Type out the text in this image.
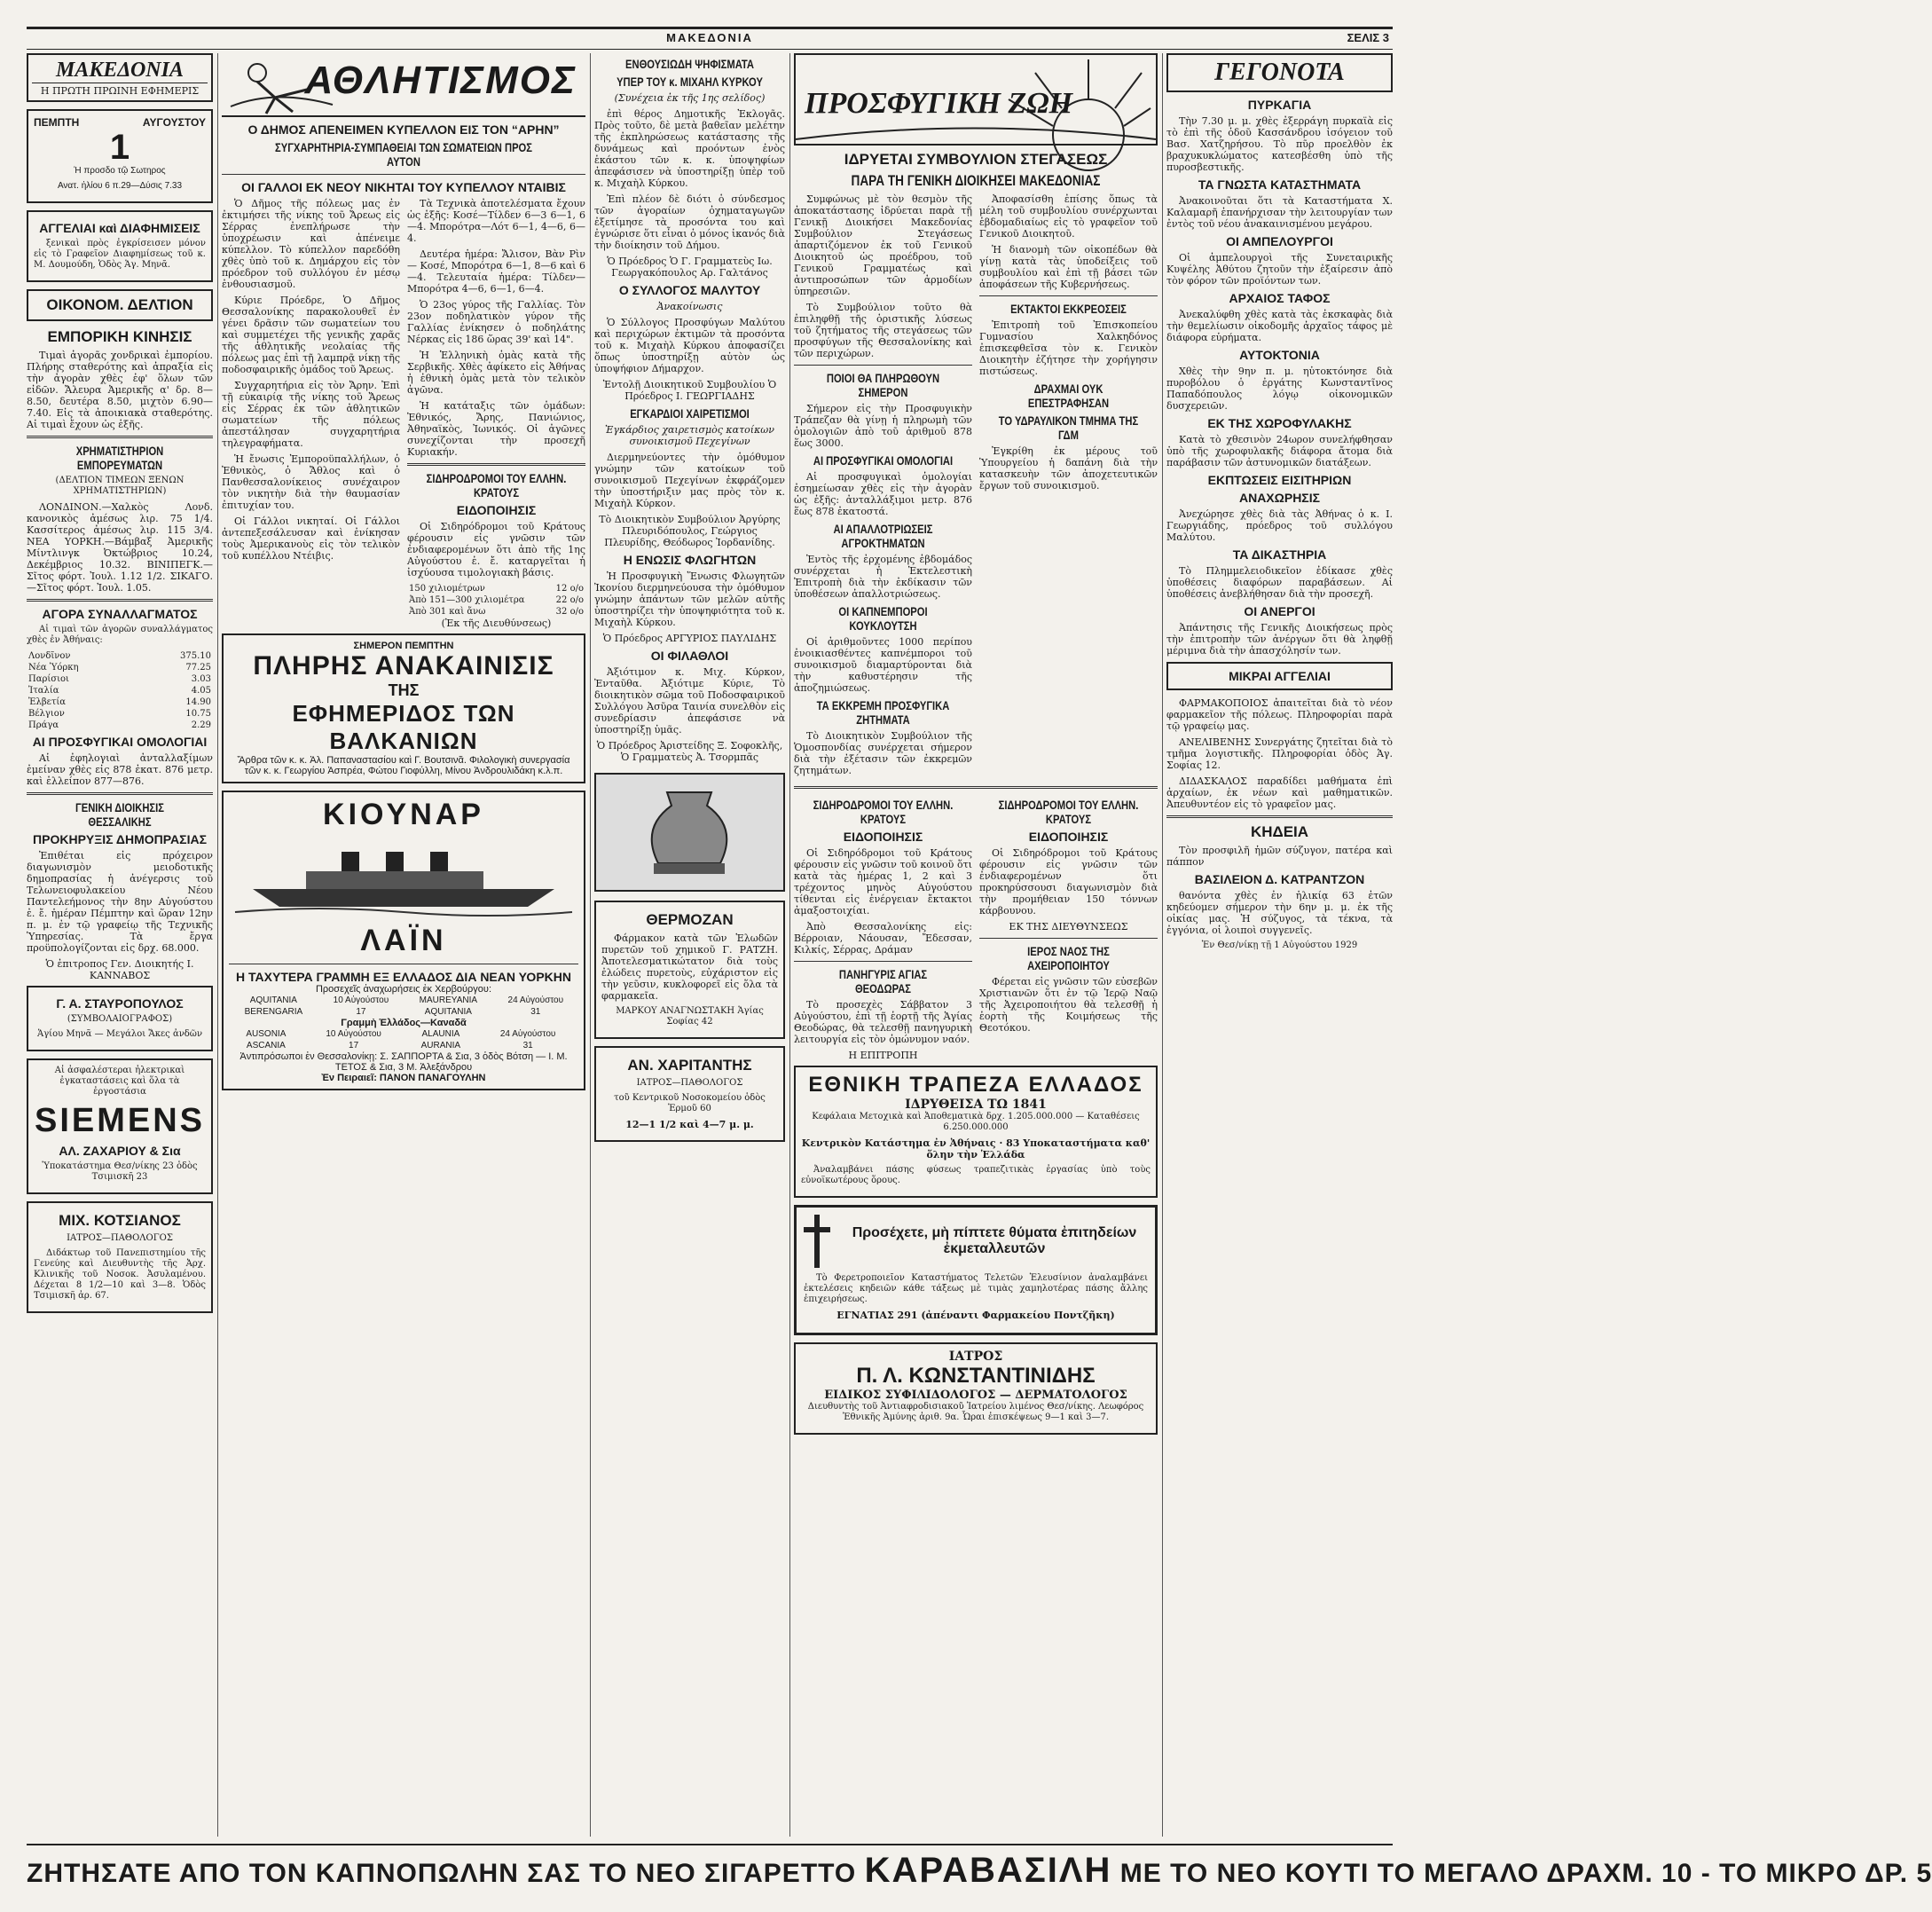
ΜΑΚΕΔΟΝΙΑ	ΣΕΛΙΣ 3
ΜΑΚΕΔΟΝΙΑ
Η ΠΡΩΤΗ ΠΡΩΙΝΗ ΕΦΗΜΕΡΙΣ
ΠΕΜΠΤΗ	ΑΥΓΟΥΣΤΟΥ
1

Ἡ προσδο τῷ Σωτηρος

Ανατ. ἡλίου 6 π.29—Δύσις 7.33

ΑΓΓΕΛΙΑΙ καὶ ΔΙΑΦΗΜΙΣΕΙΣ

ξενικαὶ πρὸς ἐγκρίσεισεν μόνον εἰς τὸ Γραφεῖον Διαφημίσεως τοῦ κ. Μ. Δουμούδη, Ὁδὸς Ἁγ. Μηνᾶ.

ΟΙΚΟΝΟΜ. ΔΕΛΤΙΟΝ
ΕΜΠΟΡΙΚΗ ΚΙΝΗΣΙΣ

Τιμαὶ ἀγορᾶς χονδρικαὶ ἐμπορίου. Πλήρης σταθερότης καὶ ἀπραξία εἰς τὴν ἀγορὰν χθὲς ἐφ' ὅλων τῶν εἰδῶν. Ἄλευρα Ἀμερικῆς α' δρ. 8—8.50, δευτέρα 8.50, μιχτὸν 6.90—7.40. Εἰς τὰ ἀποικιακὰ σταθερότης. Αἱ τιμαὶ ἔχουν ὡς ἑξῆς.

ΧΡΗΜΑΤΙΣΤΗΡΙΟΝ ΕΜΠΟΡΕΥΜΑΤΩΝ

(ΔΕΛΤΙΟΝ ΤΙΜΕΩΝ ΞΕΝΩΝ ΧΡΗΜΑΤΙΣΤΗΡΙΩΝ)

ΛΟΝΔΙΝΟΝ.—Χαλκὸς Λονδ. κανονικὸς ἀμέσως λιρ. 75 1/4. Κασσίτερος ἀμέσως λιρ. 115 3/4. ΝΕΑ ΥΟΡΚΗ.—Βάμβαξ Ἀμερικῆς Μίντλινγκ Ὀκτώβριος 10.24, Δεκέμβριος 10.32. ΒΙΝΙΠΕΓΚ.—Σῖτος φόρτ. Ἰουλ. 1.12 1/2. ΣΙΚΑΓΟ.—Σῖτος φόρτ. Ἰουλ. 1.05.

ΑΓΟΡΑ ΣΥΝΑΛΛΑΓΜΑΤΟΣ

Αἱ τιμαὶ τῶν ἀγορῶν συναλλάγματος χθὲς ἐν Ἀθήναις:

Λονδῖνον	375.10
Νέα Ὑόρκη	77.25
Παρίσιοι	3.03
Ἰταλία	4.05
Ἐλβετία	14.90
Βέλγιον	10.75
Πράγα	2.29
ΑΙ ΠΡΟΣΦΥΓΙΚΑΙ ΟΜΟΛΟΓΙΑΙ

Αἱ ἐφηλογιαὶ ἀνταλλαξίμων ἐμείναν χθὲς εἰς 878 ἐκατ. 876 μετρ. καὶ ἑλλείπον 877—876.

ΓΕΝΙΚΗ ΔΙΟΙΚΗΣΙΣ ΘΕΣΣΑΛΙΚΗΣ
ΠΡΟΚΗΡΥΞΙΣ ΔΗΜΟΠΡΑΣΙΑΣ

Ἐπιθέται εἰς πρόχειρον διαγωνισμὸν μειοδοτικῆς δημοπρασίας ἡ ἀνέγερσις τοῦ Τελωνειοφυλακείου Νέου Παντελεήμονος τὴν 8ην Αὐγούστου ἐ. ἔ. ἡμέραν Πέμπτην καὶ ὥραν 12ην π. μ. ἐν τῷ γραφείῳ τῆς Τεχνικῆς Ὑπηρεσίας. Τὰ ἔργα προϋπολογίζονται εἰς δρχ. 68.000.

Ὁ ἐπιτροπος Γεν. Διοικητής Ι. ΚΑΝΝΑΒΟΣ

Γ. Α. ΣΤΑΥΡΟΠΟΥΛΟΣ

(ΣΥΜΒΟΛΑΙΟΓΡΑΦΟΣ)

Ἁγίου Μηνᾶ — Μεγάλοι Ἄκες ἀνδῶν

Αἱ ἀσφαλέστεραι ἠλεκτρικαὶ ἐγκαταστάσεις καὶ ὅλα τὰ ἐργοστάσια

SIEMENS
ΑΛ. ΖΑΧΑΡΙΟΥ & Σια

Ὑποκατάστημα Θεσ/νίκης 23 ὁδὸς Τσιμισκῆ 23

ΜΙΧ. ΚΟΤΣΙΑΝΟΣ

ΙΑΤΡΟΣ—ΠΑΘΟΛΟΓΟΣ

Διδάκτωρ τοῦ Πανεπιστημίου τῆς Γενεύης καὶ Διευθυντὴς τῆς Ἀρχ. Κλινικῆς τοῦ Νοσοκ. Ἀσυλαμένου. Δέχεται 8 1/2—10 καὶ 3—8. Ὁδὸς Τσιμισκῆ ἀρ. 67.

ΑΘΛΗΤΙΣΜΟΣ
Ο ΔΗΜΟΣ ΑΠΕΝΕΙΜΕΝ ΚΥΠΕΛΛΟΝ ΕΙΣ ΤΟΝ “ΑΡΗΝ”
ΣΥΓΧΑΡΗΤΗΡΙΑ-ΣΥΜΠΑΘΕΙΑΙ ΤΩΝ ΣΩΜΑΤΕΙΩΝ ΠΡΟΣ ΑΥΤΟΝ
ΟΙ ΓΑΛΛΟΙ ΕΚ ΝΕΟΥ ΝΙΚΗΤΑΙ ΤΟΥ ΚΥΠΕΛΛΟΥ ΝΤΑΙΒΙΣ

Ὁ Δῆμος τῆς πόλεως μας ἐν ἐκτιμήσει τῆς νίκης τοῦ Ἄρεως εἰς Σέρρας ἐνεπλήρωσε τὴν ὑποχρέωσιν καὶ ἀπένειμε κύπελλον. Τὸ κύπελλον παρεδόθη χθὲς ὑπὸ τοῦ κ. Δημάρχου εἰς τὸν πρόεδρον τοῦ συλλόγου ἐν μέσῳ ἐνθουσιασμοῦ.

Κύριε Πρόεδρε, Ὁ Δῆμος Θεσσαλονίκης παρακολουθεῖ ἐν γένει δρᾶσιν τῶν σωματείων του καὶ συμμετέχει τῆς γενικῆς χαρᾶς τῆς ἀθλητικῆς νεολαίας τῆς πόλεως μας ἐπὶ τῇ λαμπρᾷ νίκῃ τῆς ποδοσφαιρικῆς ὁμάδος τοῦ Ἄρεως.

Συγχαρητήρια εἰς τὸν Ἄρην. Ἐπὶ τῇ εὐκαιρίᾳ τῆς νίκης τοῦ Ἄρεως εἰς Σέρρας ἐκ τῶν ἀθλητικῶν σωματείων τῆς πόλεως ἀπεστάλησαν συγχαρητήρια τηλεγραφήματα.

Ἡ ἔνωσις Ἐμποροϋπαλλήλων, ὁ Ἐθνικὸς, ὁ Ἄθλος καὶ ὁ Πανθεσσαλονίκειος συνέχαιρον τὸν νικητὴν διὰ τὴν θαυμασίαν ἐπιτυχίαν του.

Οἱ Γάλλοι νικηταί. Οἱ Γάλλοι ἀντεπεξεσάλευσαν καὶ ἐνίκησαν τοὺς Ἀμερικανοὺς εἰς τὸν τελικὸν τοῦ κυπέλλου Ντέιβις.

Τὰ Τεχνικὰ ἀποτελέσματα ἔχουν ὡς ἑξῆς: Κοσέ—Τίλδεν 6—3 6—1, 6—4. Μπορότρα—Λότ 6—1, 4—6, 6—4.

Δευτέρα ἡμέρα: Ἄλισον, Βὰν Ρὶν — Κοσέ, Μπορότρα 6—1, 8—6 καὶ 6—4. Τελευταία ἡμέρα: Τίλδεν—Μπορότρα 4—6, 6—1, 6—4.

Ὁ 23ος γύρος τῆς Γαλλίας. Τὸν 23ον ποδηλατικὸν γύρον τῆς Γαλλίας ἐνίκησεν ὁ ποδηλάτης Νέρκας εἰς 186 ὥρας 39' καὶ 14".

Ἡ Ἑλληνικὴ ὁμὰς κατὰ τῆς Σερβικῆς. Χθὲς ἀφίκετο εἰς Ἀθήνας ἡ ἐθνικὴ ὁμὰς μετὰ τὸν τελικὸν ἀγῶνα.

Ἡ κατάταξις τῶν ὁμάδων: Ἐθνικός, Ἄρης, Πανιώνιος, Ἀθηναϊκὸς, Ἰωνικός. Οἱ ἀγῶνες συνεχίζονται τὴν προσεχῆ Κυριακήν.

ΣΙΔΗΡΟΔΡΟΜΟΙ ΤΟΥ ΕΛΛΗΝ. ΚΡΑΤΟΥΣ
ΕΙΔΟΠΟΙΗΣΙΣ

Οἱ Σιδηρόδρομοι τοῦ Κράτους φέρουσιν εἰς γνῶσιν τῶν ἐνδιαφερομένων ὅτι ἀπὸ τῆς 1ης Αὐγούστου ἐ. ἔ. καταργεῖται ἡ ἰσχύουσα τιμολογιακὴ βάσις.

150 χιλιομέτρων	12 ο/ο
Ἀπὸ 151—300 χιλιομέτρα	22 ο/ο
Ἀπὸ 301 καὶ ἄνω	32 ο/ο

(Ἐκ τῆς Διευθύνσεως)

ΣΗΜΕΡΟΝ ΠΕΜΠΤΗΝ
ΠΛΗΡΗΣ ΑΝΑΚΑΙΝΙΣΙΣ
ΤΗΣ
ΕΦΗΜΕΡΙΔΟΣ ΤΩΝ ΒΑΛΚΑΝΙΩΝ
Ἄρθρα τῶν κ. κ. Ἀλ. Παπαναστασίου καὶ Γ. Βουτσινᾶ. Φιλολογικὴ συνεργασία τῶν κ. κ. Γεωργίου Ἀσπρέα, Φώτου Γιοφύλλη, Μίνου Ἀνδρουλιδάκη κ.λ.π.
ΚΙΟΥΝΑΡ
ΛΑΪΝ
Η ΤΑΧΥΤΕΡΑ ΓΡΑΜΜΗ ΕΞ ΕΛΛΑΔΟΣ ΔΙΑ ΝΕΑΝ ΥΟΡΚΗΝ
Προσεχεῖς ἀναχωρήσεις ἐκ Χερβούργου:
AQUITANIA	10 Αὐγούστου	MAUREYANIA	24 Αὐγούστου
BERENGARIA	17	AQUITANIA	31
Γραμμὴ Ἑλλάδος—Καναδᾶ
AUSONIA	10 Αὐγούστου	ALAUNIA	24 Αὐγούστου
ASCANIA	17	AURANIA	31
Ἀντιπρόσωποι ἐν Θεσσαλονίκῃ: Σ. ΣΑΠΠΟΡΤΑ & Σια, 3 ὁδὸς Βότση — Ι. Μ. ΤΕΤΟΣ & Σια, 3 Μ. Ἀλεξάνδρου
Ἐν Πειραιεῖ: ΠΑΝΟΝ ΠΑΝΑΓΟΥΛΗΝ
ΕΝΘΟΥΣΙΩΔΗ ΨΗΦΙΣΜΑΤΑ
ΥΠΕΡ ΤΟΥ κ. ΜΙΧΑΗΛ ΚΥΡΚΟΥ

(Συνέχεια ἐκ τῆς 1ης σελίδος)

ἐπὶ θέρος Δημοτικῆς Ἐκλογᾶς. Πρὸς τοῦτο, δὲ μετὰ βαθεῖαν μελέτην τῆς ἐκπληρώσεως κατάστασης τῆς δυνάμεως καὶ προόντων ἐνὸς ἑκάστου τῶν κ. κ. ὑποψηφίων ἀπεφάσισεν νὰ ὑποστηρίξῃ ὑπὲρ τοῦ κ. Μιχαὴλ Κύρκου.

Ἐπὶ πλέον δὲ διότι ὁ σύνδεσμος τῶν ἀγοραίων ὀχηματαγωγῶν ἐξετίμησε τὰ προσόντα του καὶ ἐγνώρισε ὅτι εἶναι ὁ μόνος ἱκανός διὰ τὴν διοίκησιν τοῦ Δήμου.

Ὁ Πρόεδρος Ὁ Γ. Γραμματεὺς Ιω. Γεωργακόπουλος Αρ. Γαλτάνος

Ο ΣΥΛΛΟΓΟΣ ΜΑΛΥΤΟΥ

Ἀνακοίνωσις

Ὁ Σύλλογος Προσφύγων Μαλύτου καὶ περιχώρων ἐκτιμῶν τὰ προσόντα τοῦ κ. Μιχαὴλ Κύρκου ἀποφασίζει ὅπως ὑποστηρίξῃ αὐτὸν ὡς ὑποψήφιον Δήμαρχον.

Ἐντολῇ Διοικητικοῦ Συμβουλίου Ὁ Πρόεδρος Ι. ΓΕΩΡΓΙΑΔΗΣ

ΕΓΚΑΡΔΙΟΙ ΧΑΙΡΕΤΙΣΜΟΙ

Ἐγκάρδιος χαιρετισμὸς κατοίκων συνοικισμοῦ Πεχεγίνων

Διερμηνεύοντες τὴν ὁμόθυμον γνώμην τῶν κατοίκων τοῦ συνοικισμοῦ Πεχεγίνων ἐκφράζομεν τὴν ὑποστήριξιν μας πρὸς τὸν κ. Μιχαὴλ Κύρκον.

Τὸ Διοικητικὸν Συμβούλιον Ἀργύρης Πλευριδόπουλος, Γεώργιος Πλευρίδης, Θεόδωρος Ἰορδανίδης.

Η ΕΝΩΣΙΣ ΦΛΩΓΗΤΩΝ

Ἡ Προσφυγικὴ Ἕνωσις Φλωγητῶν Ἰκονίου διερμηνεύουσα τὴν ὁμόθυμον γνώμην ἁπάντων τῶν μελῶν αὐτῆς ὑποστηρίζει τὴν ὑποψηφιότητα τοῦ κ. Μιχαὴλ Κύρκου.

Ὁ Πρόεδρος ΑΡΓΥΡΙΟΣ ΠΑΥΛΙΔΗΣ

ΟΙ ΦΙΛΑΘΛΟΙ

Ἀξιότιμον κ. Μιχ. Κύρκον, Ἐνταῦθα. Ἀξιότιμε Κύριε, Τὸ διοικητικὸν σῶμα τοῦ Ποδοσφαιρικοῦ Συλλόγου Ἀσῦρα Ταινία συνελθὸν εἰς συνεδρίασιν ἀπεφάσισε νὰ ὑποστηρίξῃ ὑμᾶς.

Ὁ Πρόεδρος Ἀριστείδης Ξ. Σοφοκλῆς, Ὁ Γραμματεὺς Ἀ. Τσορμπᾶς

ΘΕΡΜΟΖΑΝ

Φάρμακον κατὰ τῶν Ἑλωδῶν πυρετῶν τοῦ χημικοῦ Γ. ΡΑΤΖΗ. Ἀποτελεσματικώτατον διὰ τοὺς ἐλώδεις πυρετοὺς, εὐχάριστον εἰς τὴν γεῦσιν, κυκλοφορεῖ εἰς ὅλα τὰ φαρμακεῖα.

ΜΑΡΚΟΥ ΑΝΑΓΝΩΣΤΑΚΗ Ἁγίας Σοφίας 42

ΑΝ. ΧΑΡΙΤΑΝΤΗΣ

ΙΑΤΡΟΣ—ΠΑΘΟΛΟΓΟΣ

τοῦ Κεντρικοῦ Νοσοκομείου ὁδὸς Ἑρμοῦ 60

12—1 1/2 καὶ 4—7 μ. μ.

ΠΡΟΣΦΥΓΙΚΗ ΖΩΗ
ΙΔΡΥΕΤΑΙ ΣΥΜΒΟΥΛΙΟΝ ΣΤΕΓΑΣΕΩΣ
ΠΑΡΑ ΤΗ ΓΕΝΙΚΗ ΔΙΟΙΚΗΣΕΙ ΜΑΚΕΔΟΝΙΑΣ

Συμφώνως μὲ τὸν θεσμὸν τῆς ἀποκατάστασης ἱδρύεται παρὰ τῇ Γενικῇ Διοικήσει Μακεδονίας Συμβούλιον Στεγάσεως ἀπαρτιζόμενον ἐκ τοῦ Γενικοῦ Διοικητοῦ ὡς προέδρου, τοῦ Γενικοῦ Γραμματέως καὶ ἀντιπροσώπων τῶν ἁρμοδίων ὑπηρεσιῶν.

Τὸ Συμβούλιον τοῦτο θὰ ἐπιληφθῇ τῆς ὁριστικῆς λύσεως τοῦ ζητήματος τῆς στεγάσεως τῶν προσφύγων τῆς Θεσσαλονίκης καὶ τῶν περιχώρων.

ΠΟΙΟΙ ΘΑ ΠΛΗΡΩΘΟΥΝ ΣΗΜΕΡΟΝ

Σήμερον εἰς τὴν Προσφυγικὴν Τράπεζαν θὰ γίνῃ ἡ πληρωμὴ τῶν ὁμολογιῶν ἀπὸ τοῦ ἀριθμοῦ 878 ἕως 3000.

ΑΙ ΠΡΟΣΦΥΓΙΚΑΙ ΟΜΟΛΟΓΙΑΙ

Αἱ προσφυγικαὶ ὁμολογίαι ἐσημείωσαν χθὲς εἰς τὴν ἀγορὰν ὡς ἑξῆς: ἀνταλλάξιμοι μετρ. 876 ἕως 878 ἐκατοστά.

ΑΙ ΑΠΑΛΛΟΤΡΙΩΣΕΙΣ ΑΓΡΟΚΤΗΜΑΤΩΝ

Ἐντὸς τῆς ἐρχομένης ἑβδομάδος συνέρχεται ἡ Ἐκτελεστικὴ Ἐπιτροπὴ διὰ τὴν ἐκδίκασιν τῶν ὑποθέσεων ἀπαλλοτριώσεως.

ΟΙ ΚΑΠΝΕΜΠΟΡΟΙ ΚΟΥΚΛΟΥΤΣΗ

Οἱ ἀριθμοῦντες 1000 περίπου ἐνοικιασθέντες καπνέμποροι τοῦ συνοικισμοῦ διαμαρτύρονται διὰ τὴν καθυστέρησιν τῆς ἀποζημιώσεως.

ΤΑ ΕΚΚΡΕΜΗ ΠΡΟΣΦΥΓΙΚΑ ΖΗΤΗΜΑΤΑ

Τὸ Διοικητικὸν Συμβούλιον τῆς Ὁμοσπονδίας συνέρχεται σήμερον διὰ τὴν ἐξέτασιν τῶν ἐκκρεμῶν ζητημάτων.

Ἀποφασίσθη ἐπίσης ὅπως τὰ μέλη τοῦ συμβουλίου συνέρχωνται ἑβδομαδιαίως εἰς τὸ γραφεῖον τοῦ Γενικοῦ Διοικητοῦ.

Ἡ διανομὴ τῶν οἰκοπέδων θὰ γίνῃ κατὰ τὰς ὑποδείξεις τοῦ συμβουλίου καὶ ἐπὶ τῇ βάσει τῶν ἀποφάσεων τῆς Κυβερνήσεως.

ΕΚΤΑΚΤΟΙ ΕΚΚΡΕΟΣΕΙΣ

Ἐπιτροπὴ τοῦ Ἐπισκοπείου Γυμνασίου Χαλκηδόνος ἐπισκεφθεῖσα τὸν κ. Γενικὸν Διοικητὴν ἐζήτησε τὴν χορήγησιν πιστώσεως.

ΔΡΑΧΜΑΙ ΟΥΚ ΕΠΕΣΤΡΑΦΗΣΑΝ
ΤΟ ΥΔΡΑΥΛΙΚΟΝ ΤΜΗΜΑ ΤΗΣ ΓΔΜ

Ἐγκρίθη ἐκ μέρους τοῦ Ὑπουργείου ἡ δαπάνη διὰ τὴν κατασκευὴν τῶν ἀποχετευτικῶν ἔργων τοῦ συνοικισμοῦ.

ΣΙΔΗΡΟΔΡΟΜΟΙ ΤΟΥ ΕΛΛΗΝ. ΚΡΑΤΟΥΣ
ΕΙΔΟΠΟΙΗΣΙΣ

Οἱ Σιδηρόδρομοι τοῦ Κράτους φέρουσιν εἰς γνῶσιν τοῦ κοινοῦ ὅτι κατὰ τὰς ἡμέρας 1, 2 καὶ 3 τρέχοντος μηνὸς Αὐγούστου τίθενται εἰς ἐνέργειαν ἔκτακτοι ἀμαξοστοιχίαι.

Ἀπὸ Θεσσαλονίκης εἰς: Βέρροιαν, Νάουσαν, Ἔδεσσαν, Κιλκίς, Σέρρας, Δράμαν

ΠΑΝΗΓΥΡΙΣ ΑΓΙΑΣ ΘΕΟΔΩΡΑΣ

Τὸ προσεχὲς Σάββατον 3 Αὐγούστου, ἐπὶ τῇ ἑορτῇ τῆς Ἁγίας Θεοδώρας, θὰ τελεσθῇ πανηγυρικὴ λειτουργία εἰς τὸν ὁμώνυμον ναόν.

Η ΕΠΙΤΡΟΠΗ

ΣΙΔΗΡΟΔΡΟΜΟΙ ΤΟΥ ΕΛΛΗΝ. ΚΡΑΤΟΥΣ
ΕΙΔΟΠΟΙΗΣΙΣ

Οἱ Σιδηρόδρομοι τοῦ Κράτους φέρουσιν εἰς γνῶσιν τῶν ἐνδιαφερομένων ὅτι προκηρύσσουσι διαγωνισμὸν διὰ τὴν προμήθειαν 150 τόννων κάρβουνου.

ΕΚ ΤΗΣ ΔΙΕΥΘΥΝΣΕΩΣ

ΙΕΡΟΣ ΝΑΟΣ ΤΗΣ ΑΧΕΙΡΟΠΟΙΗΤΟΥ

Φέρεται εἰς γνῶσιν τῶν εὐσεβῶν Χριστιανῶν ὅτι ἐν τῷ Ἱερῷ Ναῷ τῆς Ἀχειροποιήτου θὰ τελεσθῇ ἡ ἑορτὴ τῆς Κοιμήσεως τῆς Θεοτόκου.

ΕΘΝΙΚΗ ΤΡΑΠΕΖΑ ΕΛΛΑΔΟΣ
ΙΔΡΥΘΕΙΣΑ ΤΩ 1841

Κεφάλαια Μετοχικὰ καὶ Ἀποθεματικὰ δρχ. 1.205.000.000 — Καταθέσεις 6.250.000.000

Κεντρικὸν Κατάστημα ἐν Ἀθήναις · 83 Υποκαταστήματα καθ' ὅλην τὴν Ἑλλάδα

Ἀναλαμβάνει πάσης φύσεως τραπεζιτικὰς ἐργασίας ὑπὸ τοὺς εὐνοϊκωτέρους ὅρους.

Προσέχετε, μὴ πίπτετε θύματα ἐπιτηδείων ἐκμεταλλευτῶν

Τὸ Φερετροποιεῖον Καταστήματος Τελετῶν Ἑλευσίνιον ἀναλαμβάνει ἐκτελέσεις κηδειῶν κάθε τάξεως μὲ τιμὰς χαμηλοτέρας πάσης ἄλλης ἐπιχειρήσεως.

ΕΓΝΑΤΙΑΣ 291 (ἀπέναντι Φαρμακείου Ποντζῆκη)

ΙΑΤΡΟΣ
Π. Λ. ΚΩΝΣΤΑΝΤΙΝΙΔΗΣ
ΕΙΔΙΚΟΣ ΣΥΦΙΛΙΔΟΛΟΓΟΣ — ΔΕΡΜΑΤΟΛΟΓΟΣ

Διευθυντὴς τοῦ Ἀντιαφροδισιακοῦ Ἰατρείου λιμένος Θεσ/νίκης. Λεωφόρος Ἐθνικῆς Ἀμύνης ἀριθ. 9α. Ὧραι ἐπισκέψεως 9—1 καὶ 3—7.

ΓΕΓΟΝΟΤΑ
ΠΥΡΚΑΓΙΑ

Τὴν 7.30 μ. μ. χθὲς ἐξερράγη πυρκαϊὰ εἰς τὸ ἐπὶ τῆς ὁδοῦ Κασσάνδρου ἰσόγειον τοῦ Βασ. Χατζηρήσου. Τὸ πῦρ προελθὸν ἐκ βραχυκυκλώματος κατεσβέσθη ὑπὸ τῆς πυροσβεστικῆς.

ΤΑ ΓΝΩΣΤΑ ΚΑΤΑΣΤΗΜΑΤΑ

Ἀνακοινοῦται ὅτι τὰ Καταστήματα Χ. Καλαμαρῆ ἐπανήρχισαν τὴν λειτουργίαν των ἐντὸς τοῦ νέου ἀνακαινισμένου μεγάρου.

ΟΙ ΑΜΠΕΛΟΥΡΓΟΙ

Οἱ ἀμπελουργοὶ τῆς Συνεταιρικῆς Κυψέλης Ἀθύτου ζητοῦν τὴν ἐξαίρεσιν ἀπὸ τὸν φόρον τῶν προϊόντων των.

ΑΡΧΑΙΟΣ ΤΑΦΟΣ

Ἀνεκαλύφθη χθὲς κατὰ τὰς ἐκσκαφὰς διὰ τὴν θεμελίωσιν οἰκοδομῆς ἀρχαῖος τάφος μὲ διάφορα εὑρήματα.

ΑΥΤΟΚΤΟΝΙΑ

Χθὲς τὴν 9ην π. μ. ηὐτοκτόνησε διὰ πυροβόλου ὁ ἐργάτης Κωνσταντῖνος Παπαδόπουλος λόγῳ οἰκονομικῶν δυσχερειῶν.

ΕΚ ΤΗΣ ΧΩΡΟΦΥΛΑΚΗΣ

Κατὰ τὸ χθεσινὸν 24ωρον συνελήφθησαν ὑπὸ τῆς χωροφυλακῆς διάφορα ἄτομα διὰ παράβασιν τῶν ἀστυνομικῶν διατάξεων.

ΕΚΠΤΩΣΕΙΣ ΕΙΣΙΤΗΡΙΩΝ
ΑΝΑΧΩΡΗΣΙΣ

Ἀνεχώρησε χθὲς διὰ τὰς Ἀθήνας ὁ κ. Ι. Γεωργιάδης, πρόεδρος τοῦ συλλόγου Μαλύτου.

ΤΑ ΔΙΚΑΣΤΗΡΙΑ

Τὸ Πλημμελειοδικεῖον ἐδίκασε χθὲς ὑποθέσεις διαφόρων παραβάσεων. Αἱ ὑποθέσεις ἀνεβλήθησαν διὰ τὴν προσεχῆ.

ΟΙ ΑΝΕΡΓΟΙ

Ἀπάντησις τῆς Γενικῆς Διοικήσεως πρὸς τὴν ἐπιτροπὴν τῶν ἀνέργων ὅτι θὰ ληφθῇ μέριμνα διὰ τὴν ἀπασχόλησίν των.

ΜΙΚΡΑΙ ΑΓΓΕΛΙΑΙ

ΦΑΡΜΑΚΟΠΟΙΟΣ ἀπαιτεῖται διὰ τὸ νέον φαρμακεῖον τῆς πόλεως. Πληροφορίαι παρὰ τῷ γραφείῳ μας.

ΑΝΕΛΙΒΕΝΗΣ Συνεργάτης ζητεῖται διὰ τὸ τμῆμα λογιστικῆς. Πληροφορίαι ὁδὸς Ἁγ. Σοφίας 12.

ΔΙΔΑΣΚΑΛΟΣ παραδίδει μαθήματα ἐπὶ ἀρχαίων, ἐκ νέων καὶ μαθηματικῶν. Ἀπευθυντέον εἰς τὸ γραφεῖον μας.

ΚΗΔΕΙΑ

Τὸν προσφιλῆ ἡμῶν σύζυγον, πατέρα καὶ πάππον

ΒΑΣΙΛΕΙΟΝ Δ. ΚΑΤΡΑΝΤΖΟΝ

θανόντα χθὲς ἐν ἡλικίᾳ 63 ἐτῶν κηδεύομεν σήμερον τὴν 6ην μ. μ. ἐκ τῆς οἰκίας μας. Ἡ σύζυγος, τὰ τέκνα, τὰ ἐγγόνια, οἱ λοιποὶ συγγενεῖς.

Ἐν Θεσ/νίκῃ τῇ 1 Αὐγούστου 1929

ΖΗΤΗΣΑΤΕ ΑΠΟ ΤΟΝ ΚΑΠΝΟΠΩΛΗΝ ΣΑΣ ΤΟ ΝΕΟ ΣΙΓΑΡΕΤΤΟ ΚΑΡΑΒΑΣΙΛΗ ΜΕ ΤΟ ΝΕΟ ΚΟΥΤΙ ΤΟ ΜΕΓΑΛΟ ΔΡΑΧΜ. 10 - ΤΟ ΜΙΚΡΟ ΔΡ. 5
